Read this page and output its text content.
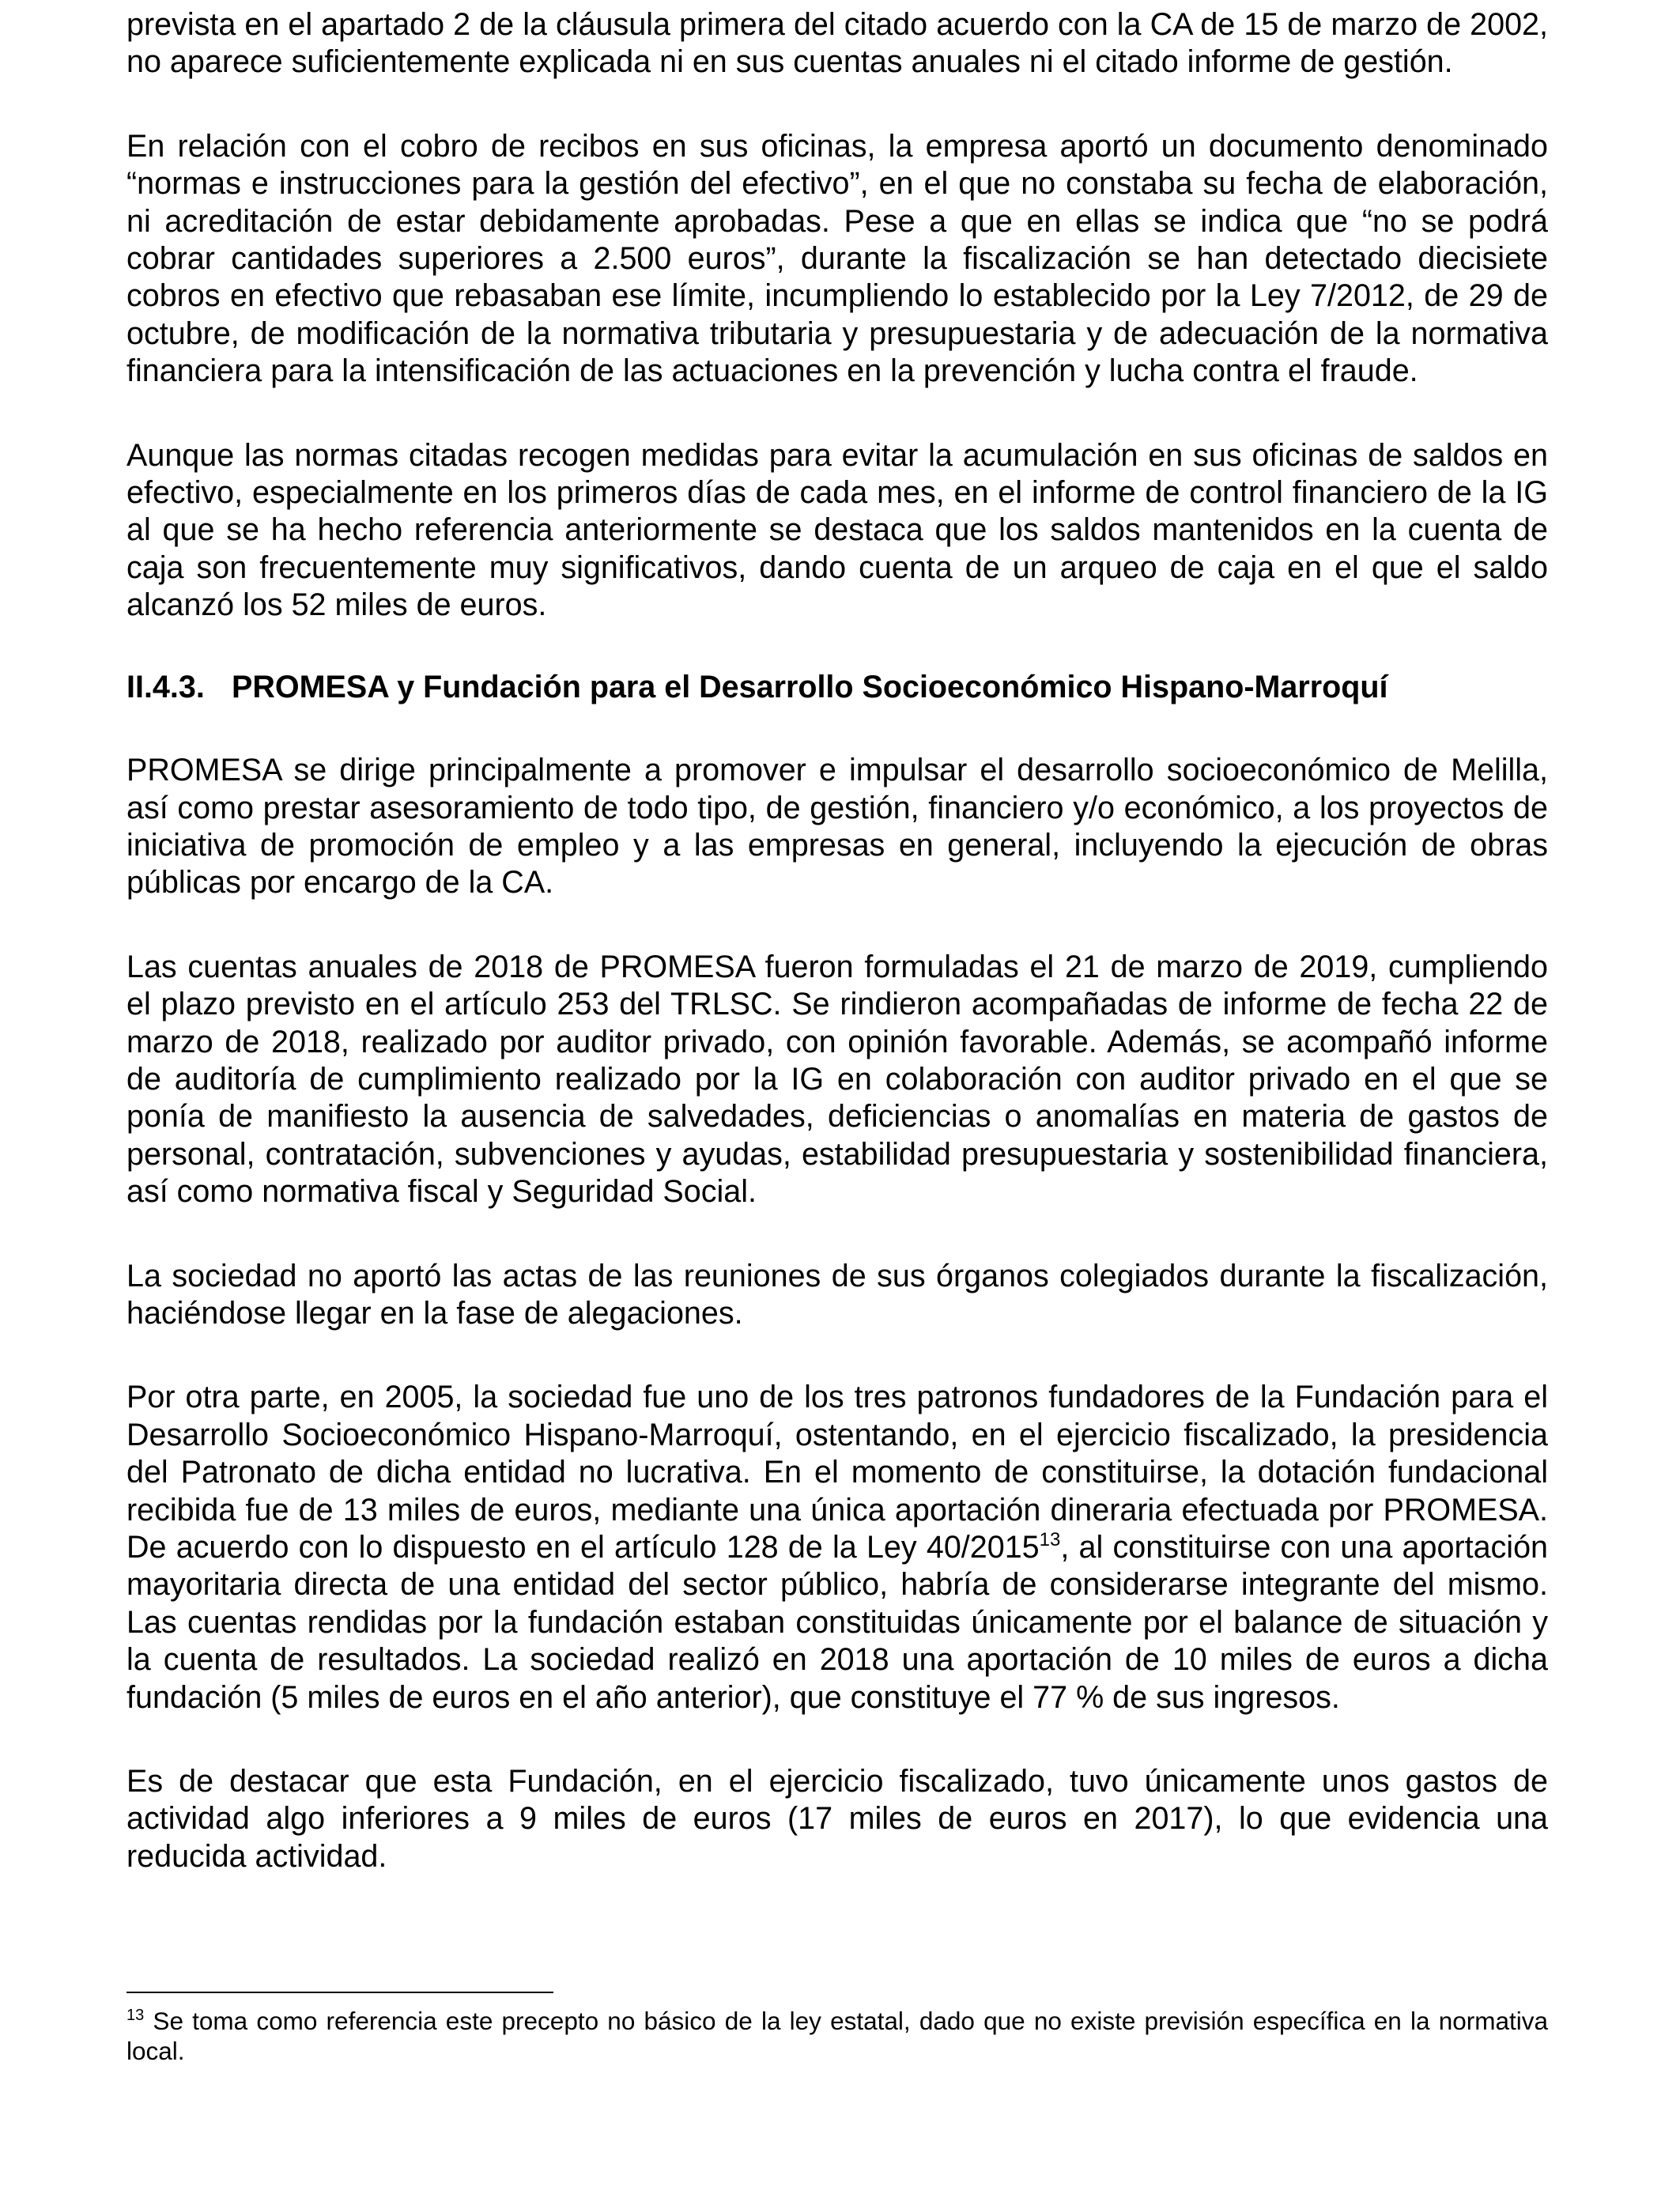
prevista en el apartado 2 de la cláusula primera del citado acuerdo con la CA de 15 de marzo de 2002, no aparece suficientemente explicada ni en sus cuentas anuales ni el citado informe de gestión.

En relación con el cobro de recibos en sus oficinas, la empresa aportó un documento denominado “normas e instrucciones para la gestión del efectivo”, en el que no constaba su fecha de elaboración, ni acreditación de estar debidamente aprobadas. Pese a que en ellas se indica que “no se podrá cobrar cantidades superiores a 2.500 euros”, durante la fiscalización se han detectado diecisiete cobros en efectivo que rebasaban ese límite, incumpliendo lo establecido por la Ley 7/2012, de 29 de octubre, de modificación de la normativa tributaria y presupuestaria y de adecuación de la normativa financiera para la intensificación de las actuaciones en la prevención y lucha contra el fraude.

Aunque las normas citadas recogen medidas para evitar la acumulación en sus oficinas de saldos en efectivo, especialmente en los primeros días de cada mes, en el informe de control financiero de la IG al que se ha hecho referencia anteriormente se destaca que los saldos mantenidos en la cuenta de caja son frecuentemente muy significativos, dando cuenta de un arqueo de caja en el que el saldo alcanzó los 52 miles de euros.

II.4.3. PROMESA y Fundación para el Desarrollo Socioeconómico Hispano-Marroquí

PROMESA se dirige principalmente a promover e impulsar el desarrollo socioeconómico de Melilla, así como prestar asesoramiento de todo tipo, de gestión, financiero y/o económico, a los proyectos de iniciativa de promoción de empleo y a las empresas en general, incluyendo la ejecución de obras públicas por encargo de la CA.

Las cuentas anuales de 2018 de PROMESA fueron formuladas el 21 de marzo de 2019, cumpliendo el plazo previsto en el artículo 253 del TRLSC. Se rindieron acompañadas de informe de fecha 22 de marzo de 2018, realizado por auditor privado, con opinión favorable. Además, se acompañó informe de auditoría de cumplimiento realizado por la IG en colaboración con auditor privado en el que se ponía de manifiesto la ausencia de salvedades, deficiencias o anomalías en materia de gastos de personal, contratación, subvenciones y ayudas, estabilidad presupuestaria y sostenibilidad financiera, así como normativa fiscal y Seguridad Social.

La sociedad no aportó las actas de las reuniones de sus órganos colegiados durante la fiscalización, haciéndose llegar en la fase de alegaciones.

Por otra parte, en 2005, la sociedad fue uno de los tres patronos fundadores de la Fundación para el Desarrollo Socioeconómico Hispano-Marroquí, ostentando, en el ejercicio fiscalizado, la presidencia del Patronato de dicha entidad no lucrativa. En el momento de constituirse, la dotación fundacional recibida fue de 13 miles de euros, mediante una única aportación dineraria efectuada por PROMESA. De acuerdo con lo dispuesto en el artículo 128 de la Ley 40/2015$^{13}$, al constituirse con una aportación mayoritaria directa de una entidad del sector público, habría de considerarse integrante del mismo. Las cuentas rendidas por la fundación estaban constituidas únicamente por el balance de situación y la cuenta de resultados. La sociedad realizó en 2018 una aportación de 10 miles de euros a dicha fundación (5 miles de euros en el año anterior), que constituye el 77 % de sus ingresos.

Es de destacar que esta Fundación, en el ejercicio fiscalizado, tuvo únicamente unos gastos de actividad algo inferiores a 9 miles de euros (17 miles de euros en 2017), lo que evidencia una reducida actividad.

$^{13}$ Se toma como referencia este precepto no básico de la ley estatal, dado que no existe previsión específica en la normativa local.
